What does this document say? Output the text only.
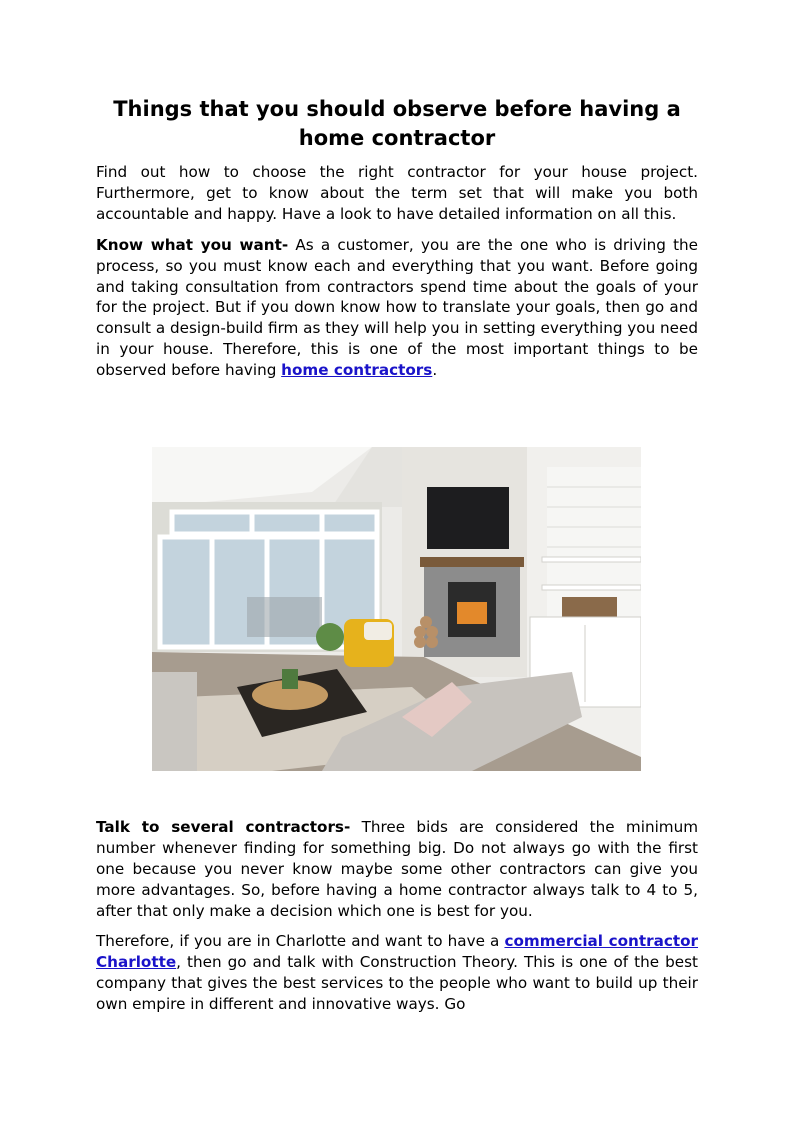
Things that you should observe before having a home contractor

Find out how to choose the right contractor for your house project. Furthermore, get to know about the term set that will make you both accountable and happy. Have a look to have detailed information on all this.

Know what you want- As a customer, you are the one who is driving the process, so you must know each and everything that you want. Before going and taking consultation from contractors spend time about the goals of your for the project. But if you down know how to translate your goals, then go and consult a design-build firm as they will help you in setting everything you need in your house. Therefore, this is one of the most important things to be observed before having home contractors.

Talk to several contractors- Three bids are considered the minimum number whenever finding for something big. Do not always go with the first one because you never know maybe some other contractors can give you more advantages. So, before having a home contractor always talk to 4 to 5, after that only make a decision which one is best for you.

Therefore, if you are in Charlotte and want to have a commercial contractor Charlotte, then go and talk with Construction Theory. This is one of the best company that gives the best services to the people who want to build up their own empire in different and innovative ways. Go
